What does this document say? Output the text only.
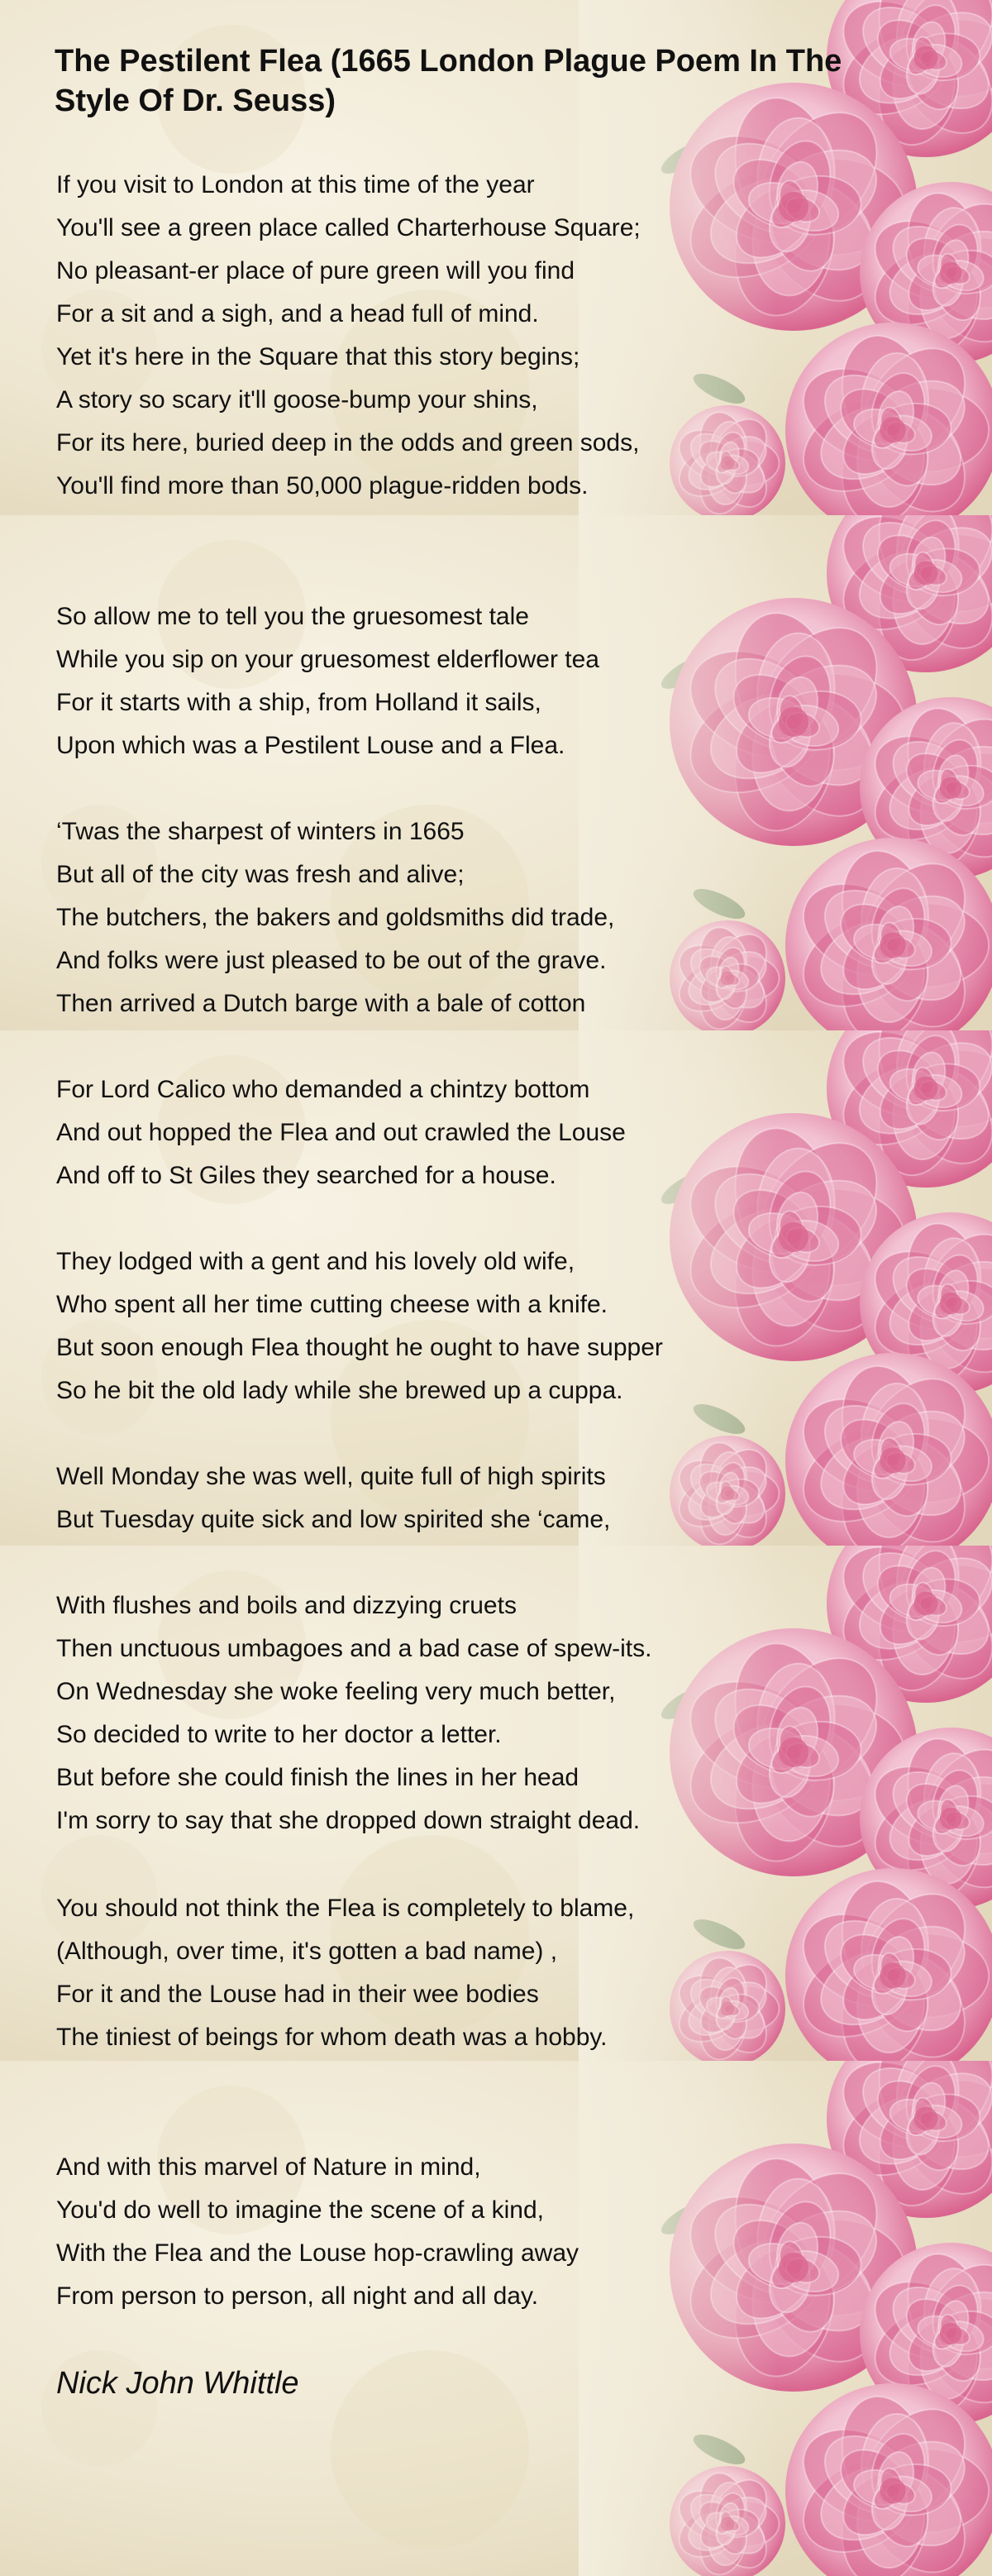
The Pestilent Flea (1665 London Plague Poem In The Style Of Dr. Seuss)
If you visit to London at this time of the year
You'll see a green place called Charterhouse Square;
No pleasant-er place of pure green will you find
For a sit and a sigh, and a head full of mind.
Yet it's here in the Square that this story begins;
A story so scary it'll goose-bump your shins,
For its here, buried deep in the odds and green sods,
You'll find more than 50,000 plague-ridden bods.
So allow me to tell you the gruesomest tale
While you sip on your gruesomest elderflower tea
For it starts with a ship, from Holland it sails,
Upon which was a Pestilent Louse and a Flea.
‘Twas the sharpest of winters in 1665
But all of the city was fresh and alive;
The butchers, the bakers and goldsmiths did trade,
And folks were just pleased to be out of the grave.
Then arrived a Dutch barge with a bale of cotton
For Lord Calico who demanded a chintzy bottom
And out hopped the Flea and out crawled the Louse
And off to St Giles they searched for a house.
They lodged with a gent and his lovely old wife,
Who spent all her time cutting cheese with a knife.
But soon enough Flea thought he ought to have supper
So he bit the old lady while she brewed up a cuppa.
Well Monday she was well, quite full of high spirits
But Tuesday quite sick and low spirited she ‘came,
With flushes and boils and dizzying cruets
Then unctuous umbagoes and a bad case of spew-its.
On Wednesday she woke feeling very much better,
So decided to write to her doctor a letter.
But before she could finish the lines in her head
I'm sorry to say that she dropped down straight dead.
You should not think the Flea is completely to blame,
(Although, over time, it's gotten a bad name) ,
For it and the Louse had in their wee bodies
The tiniest of beings for whom death was a hobby.
And with this marvel of Nature in mind,
You'd do well to imagine the scene of a kind,
With the Flea and the Louse hop-crawling away
From person to person, all night and all day.
Nick John Whittle
